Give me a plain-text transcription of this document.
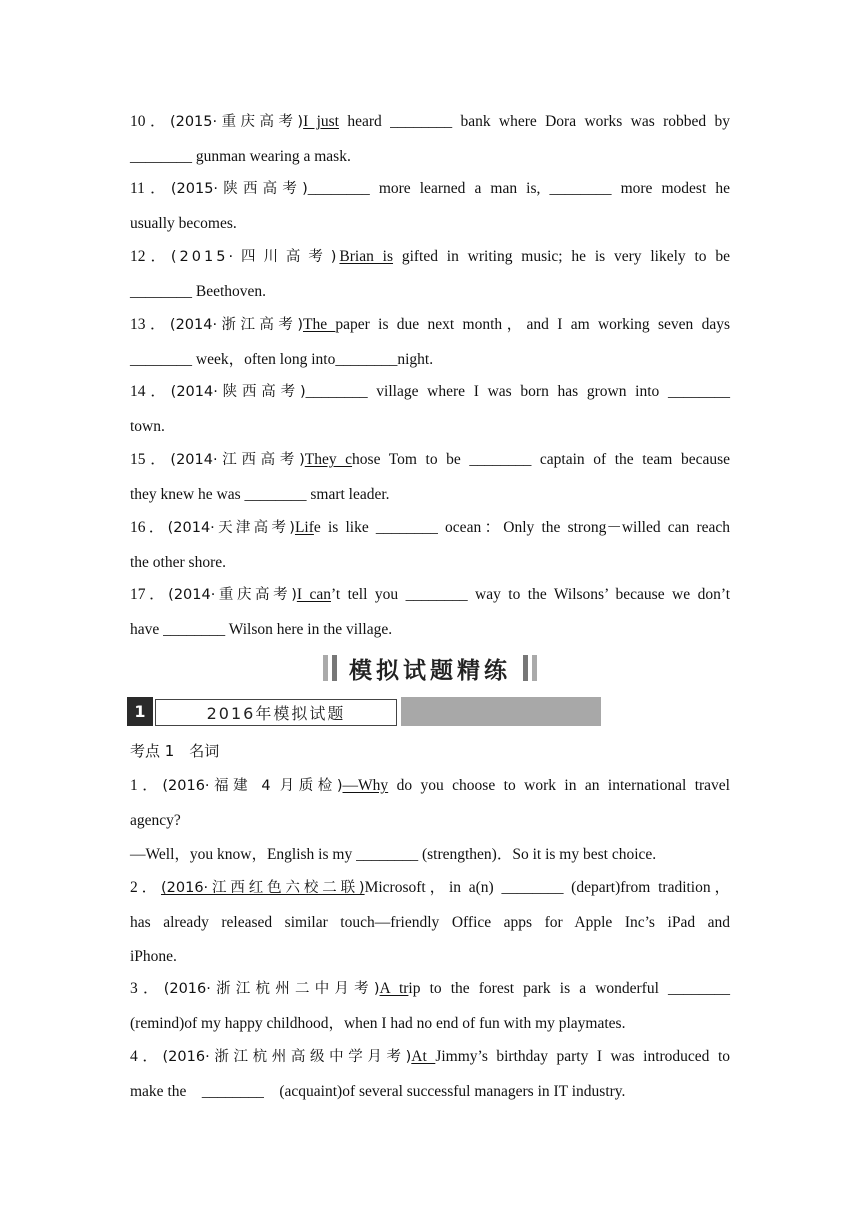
10．(2015·重庆高考)I just heard ________ bank where Dora works was robbed by

________ gunman wearing a mask.

11．(2015·陕西高考)________ more learned a man is, ________ more modest he

usually becomes.

12．(2015·四川高考)Brian is gifted in writing music; he is very likely to be

________ Beethoven.

13．(2014·浙江高考)The paper is due next month，and I am working seven days

________ week，often long into________night.

14．(2014·陕西高考)________ village where I was born has grown into ________

town.

15．(2014·江西高考)They chose Tom to be ________ captain of the team because

they knew he was ________ smart leader.

16．(2014·天津高考)Life is like ________ ocean：Only the strong－willed can reach

the other shore.

17．(2014·重庆高考)I can’t tell you ________ way to the Wilsons’ because we don’t

have ________ Wilson here in the village.

模拟试题精练

考点 1　名词

1．(2016·福建 4 月质检)—Why do you choose to work in an international travel

agency?

—Well，you know，English is my ________ (strengthen)．So it is my best choice.

2．(2016·江西红色六校二联)Microsoft，in a(n) ________ (depart)from tradition，

has already released similar touch—friendly Office apps for Apple Inc’s iPad and

iPhone.

3．(2016·浙江杭州二中月考)A trip to the forest park is a wonderful ________

(remind)of my happy childhood，when I had no end of fun with my playmates.

4．(2016·浙江杭州高级中学月考)At Jimmy’s birthday party I was introduced to

make the　________　(acquaint)of several successful managers in IT industry.

1	2016年模拟试题
